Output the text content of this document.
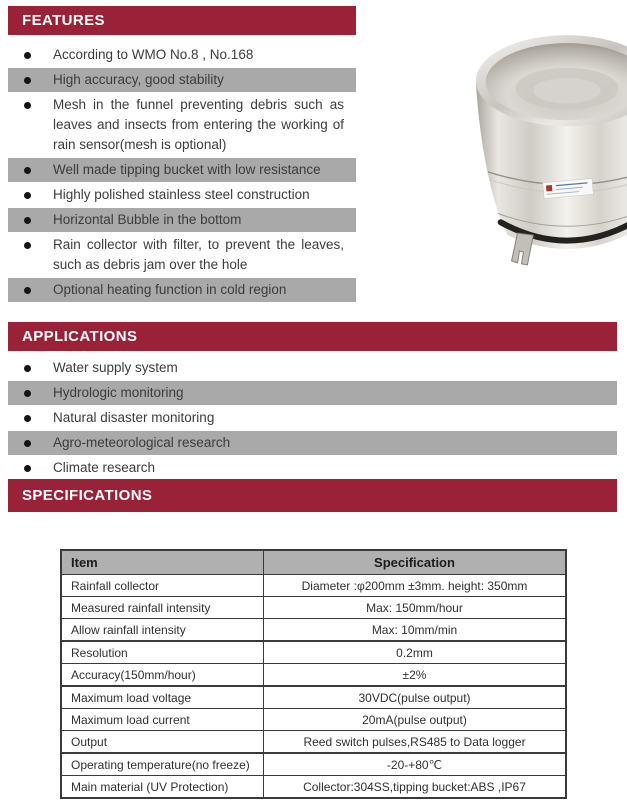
FEATURES
According to WMO No.8 , No.168
High accuracy, good stability
Mesh in the funnel preventing debris such as leaves and insects from entering the working of rain sensor(mesh is optional)
Well made tipping bucket with low resistance
Highly polished stainless steel construction
Horizontal Bubble in the bottom
Rain collector with filter, to prevent the leaves, such as debris jam over the hole
Optional heating function in cold region
APPLICATIONS
Water supply system
Hydrologic monitoring
Natural disaster monitoring
Agro-meteorological research
Climate research
SPECIFICATIONS
Item	Specification
Rainfall collector	Diameter :φ200mm ±3mm. height: 350mm
Measured rainfall intensity	Max: 150mm/hour
Allow rainfall intensity	Max: 10mm/min
Resolution	0.2mm
Accuracy(150mm/hour)	±2%
Maximum load voltage	30VDC(pulse output)
Maximum load current	20mA(pulse output)
Output	Reed switch pulses,RS485 to Data logger
Operating temperature(no freeze)	-20-+80℃
Main material (UV Protection)	Collector:304SS,tipping bucket:ABS ,IP67
